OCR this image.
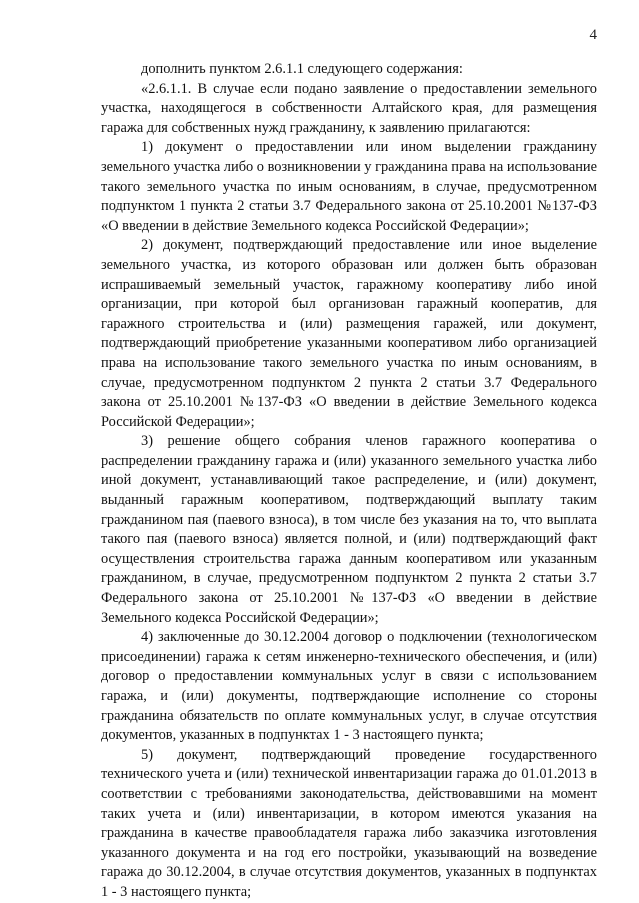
4

дополнить пунктом 2.6.1.1 следующего содержания:

«2.6.1.1. В случае если подано заявление о предоставлении земельного участка, находящегося в собственности Алтайского края, для размещения гаража для собственных нужд гражданину, к заявлению прилагаются:

1) документ о предоставлении или ином выделении гражданину земельного участка либо о возникновении у гражданина права на использование такого земельного участка по иным основаниям, в случае, предусмотренном подпунктом 1 пункта 2 статьи 3.7 Федерального закона от 25.10.2001 №137-ФЗ «О введении в действие Земельного кодекса Российской Федерации»;

2) документ, подтверждающий предоставление или иное выделение земельного участка, из которого образован или должен быть образован испрашиваемый земельный участок, гаражному кооперативу либо иной организации, при которой был организован гаражный кооператив, для гаражного строительства и (или) размещения гаражей, или документ, подтверждающий приобретение указанными кооперативом либо организацией права на использование такого земельного участка по иным основаниям, в случае, предусмотренном подпунктом 2 пункта 2 статьи 3.7 Федерального закона от 25.10.2001 №137-ФЗ «О введении в действие Земельного кодекса Российской Федерации»;

3) решение общего собрания членов гаражного кооператива о распределении гражданину гаража и (или) указанного земельного участка либо иной документ, устанавливающий такое распределение, и (или) документ, выданный гаражным кооперативом, подтверждающий выплату таким гражданином пая (паевого взноса), в том числе без указания на то, что выплата такого пая (паевого взноса) является полной, и (или) подтверждающий факт осуществления строительства гаража данным кооперативом или указанным гражданином, в случае, предусмотренном подпунктом 2 пункта 2 статьи 3.7 Федерального закона от 25.10.2001 №137-ФЗ «О введении в действие Земельного кодекса Российской Федерации»;

4) заключенные до 30.12.2004 договор о подключении (технологическом присоединении) гаража к сетям инженерно-технического обеспечения, и (или) договор о предоставлении коммунальных услуг в связи с использованием гаража, и (или) документы, подтверждающие исполнение со стороны гражданина обязательств по оплате коммунальных услуг, в случае отсутствия документов, указанных в подпунктах 1 - 3 настоящего пункта;

5) документ, подтверждающий проведение государственного технического учета и (или) технической инвентаризации гаража до 01.01.2013 в соответствии с требованиями законодательства, действовавшими на момент таких учета и (или) инвентаризации, в котором имеются указания на гражданина в качестве правообладателя гаража либо заказчика изготовления указанного документа и на год его постройки, указывающий на возведение гаража до 30.12.2004, в случае отсутствия документов, указанных в подпунктах 1 - 3 настоящего пункта;
